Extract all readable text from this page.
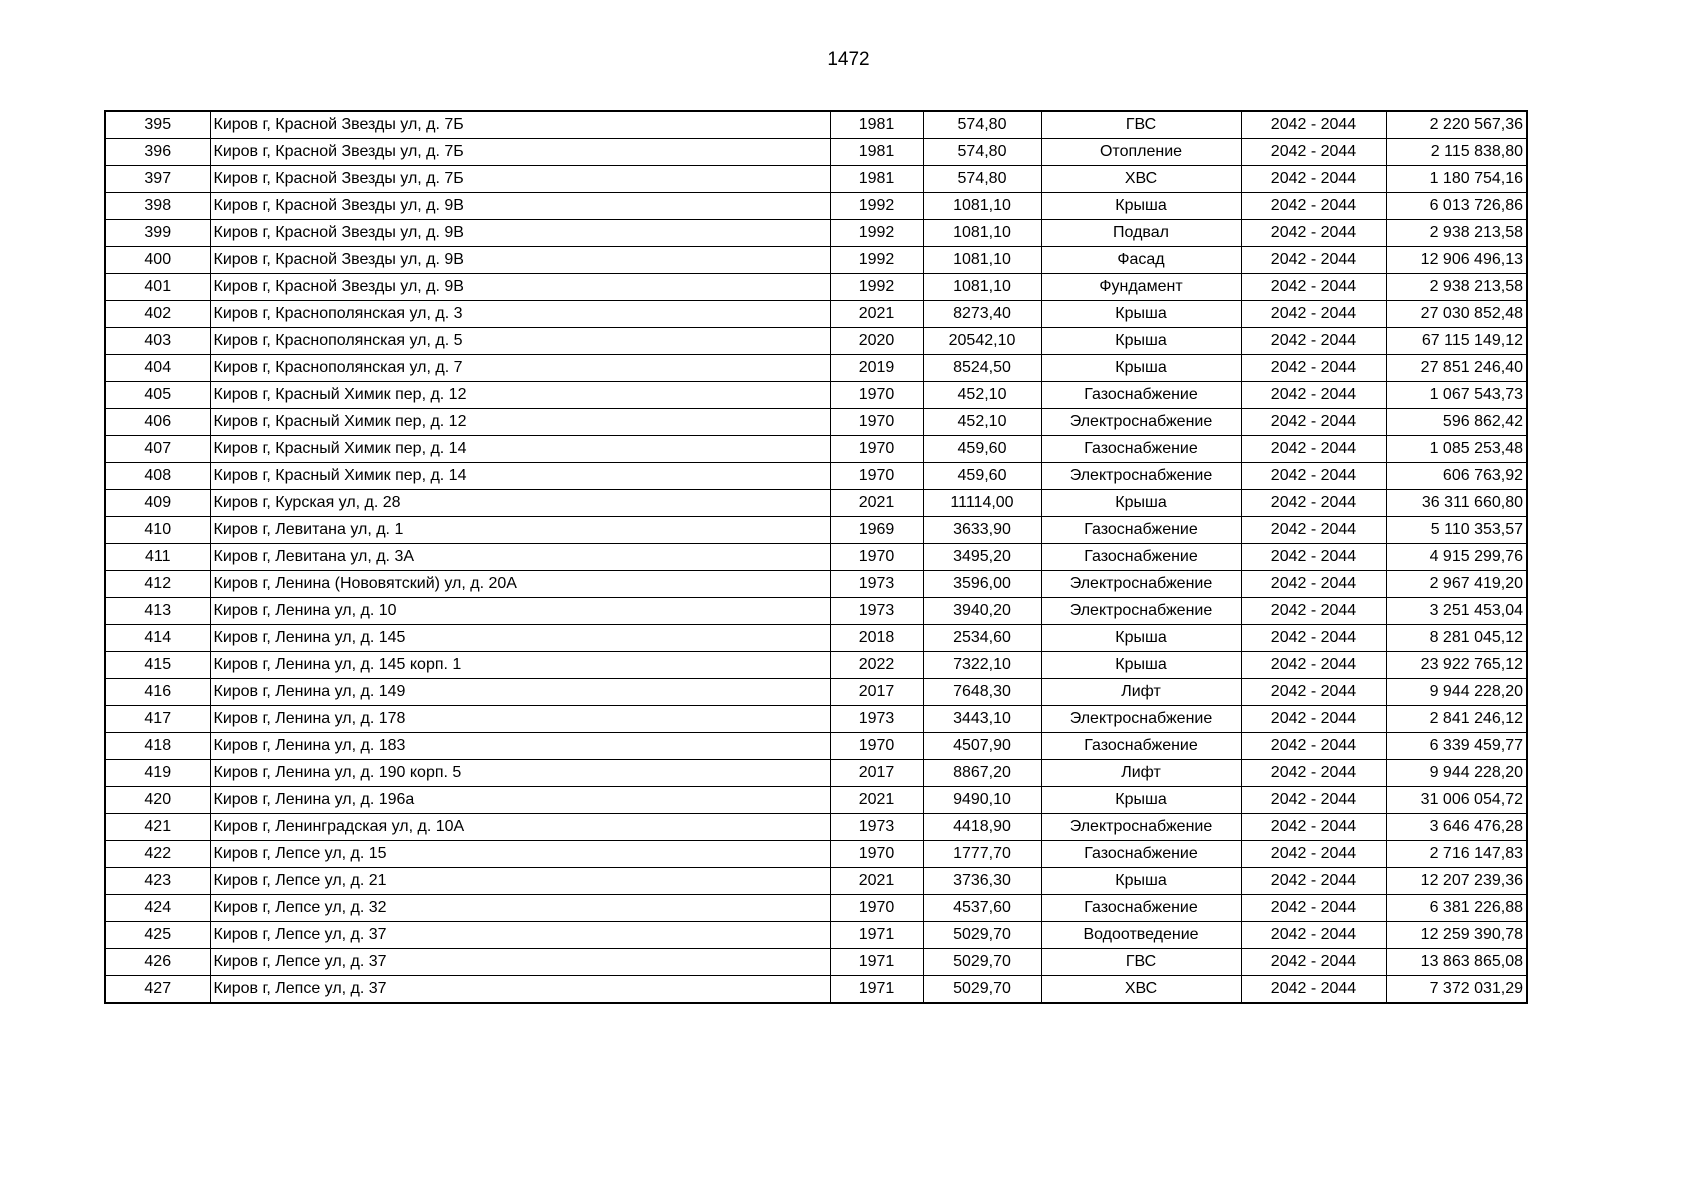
1472
395	Киров г, Красной Звезды ул, д. 7Б	1981	574,80	ГВС	2042 - 2044	2 220 567,36
396	Киров г, Красной Звезды ул, д. 7Б	1981	574,80	Отопление	2042 - 2044	2 115 838,80
397	Киров г, Красной Звезды ул, д. 7Б	1981	574,80	ХВС	2042 - 2044	1 180 754,16
398	Киров г, Красной Звезды ул, д. 9В	1992	1081,10	Крыша	2042 - 2044	6 013 726,86
399	Киров г, Красной Звезды ул, д. 9В	1992	1081,10	Подвал	2042 - 2044	2 938 213,58
400	Киров г, Красной Звезды ул, д. 9В	1992	1081,10	Фасад	2042 - 2044	12 906 496,13
401	Киров г, Красной Звезды ул, д. 9В	1992	1081,10	Фундамент	2042 - 2044	2 938 213,58
402	Киров г, Краснополянская ул, д. 3	2021	8273,40	Крыша	2042 - 2044	27 030 852,48
403	Киров г, Краснополянская ул, д. 5	2020	20542,10	Крыша	2042 - 2044	67 115 149,12
404	Киров г, Краснополянская ул, д. 7	2019	8524,50	Крыша	2042 - 2044	27 851 246,40
405	Киров г, Красный Химик пер, д. 12	1970	452,10	Газоснабжение	2042 - 2044	1 067 543,73
406	Киров г, Красный Химик пер, д. 12	1970	452,10	Электроснабжение	2042 - 2044	596 862,42
407	Киров г, Красный Химик пер, д. 14	1970	459,60	Газоснабжение	2042 - 2044	1 085 253,48
408	Киров г, Красный Химик пер, д. 14	1970	459,60	Электроснабжение	2042 - 2044	606 763,92
409	Киров г, Курская ул, д. 28	2021	11114,00	Крыша	2042 - 2044	36 311 660,80
410	Киров г, Левитана ул, д. 1	1969	3633,90	Газоснабжение	2042 - 2044	5 110 353,57
411	Киров г, Левитана ул, д. 3А	1970	3495,20	Газоснабжение	2042 - 2044	4 915 299,76
412	Киров г, Ленина (Нововятский) ул, д. 20А	1973	3596,00	Электроснабжение	2042 - 2044	2 967 419,20
413	Киров г, Ленина ул, д. 10	1973	3940,20	Электроснабжение	2042 - 2044	3 251 453,04
414	Киров г, Ленина ул, д. 145	2018	2534,60	Крыша	2042 - 2044	8 281 045,12
415	Киров г, Ленина ул, д. 145 корп. 1	2022	7322,10	Крыша	2042 - 2044	23 922 765,12
416	Киров г, Ленина ул, д. 149	2017	7648,30	Лифт	2042 - 2044	9 944 228,20
417	Киров г, Ленина ул, д. 178	1973	3443,10	Электроснабжение	2042 - 2044	2 841 246,12
418	Киров г, Ленина ул, д. 183	1970	4507,90	Газоснабжение	2042 - 2044	6 339 459,77
419	Киров г, Ленина ул, д. 190 корп. 5	2017	8867,20	Лифт	2042 - 2044	9 944 228,20
420	Киров г, Ленина ул, д. 196а	2021	9490,10	Крыша	2042 - 2044	31 006 054,72
421	Киров г, Ленинградская ул, д. 10А	1973	4418,90	Электроснабжение	2042 - 2044	3 646 476,28
422	Киров г, Лепсе ул, д. 15	1970	1777,70	Газоснабжение	2042 - 2044	2 716 147,83
423	Киров г, Лепсе ул, д. 21	2021	3736,30	Крыша	2042 - 2044	12 207 239,36
424	Киров г, Лепсе ул, д. 32	1970	4537,60	Газоснабжение	2042 - 2044	6 381 226,88
425	Киров г, Лепсе ул, д. 37	1971	5029,70	Водоотведение	2042 - 2044	12 259 390,78
426	Киров г, Лепсе ул, д. 37	1971	5029,70	ГВС	2042 - 2044	13 863 865,08
427	Киров г, Лепсе ул, д. 37	1971	5029,70	ХВС	2042 - 2044	7 372 031,29
